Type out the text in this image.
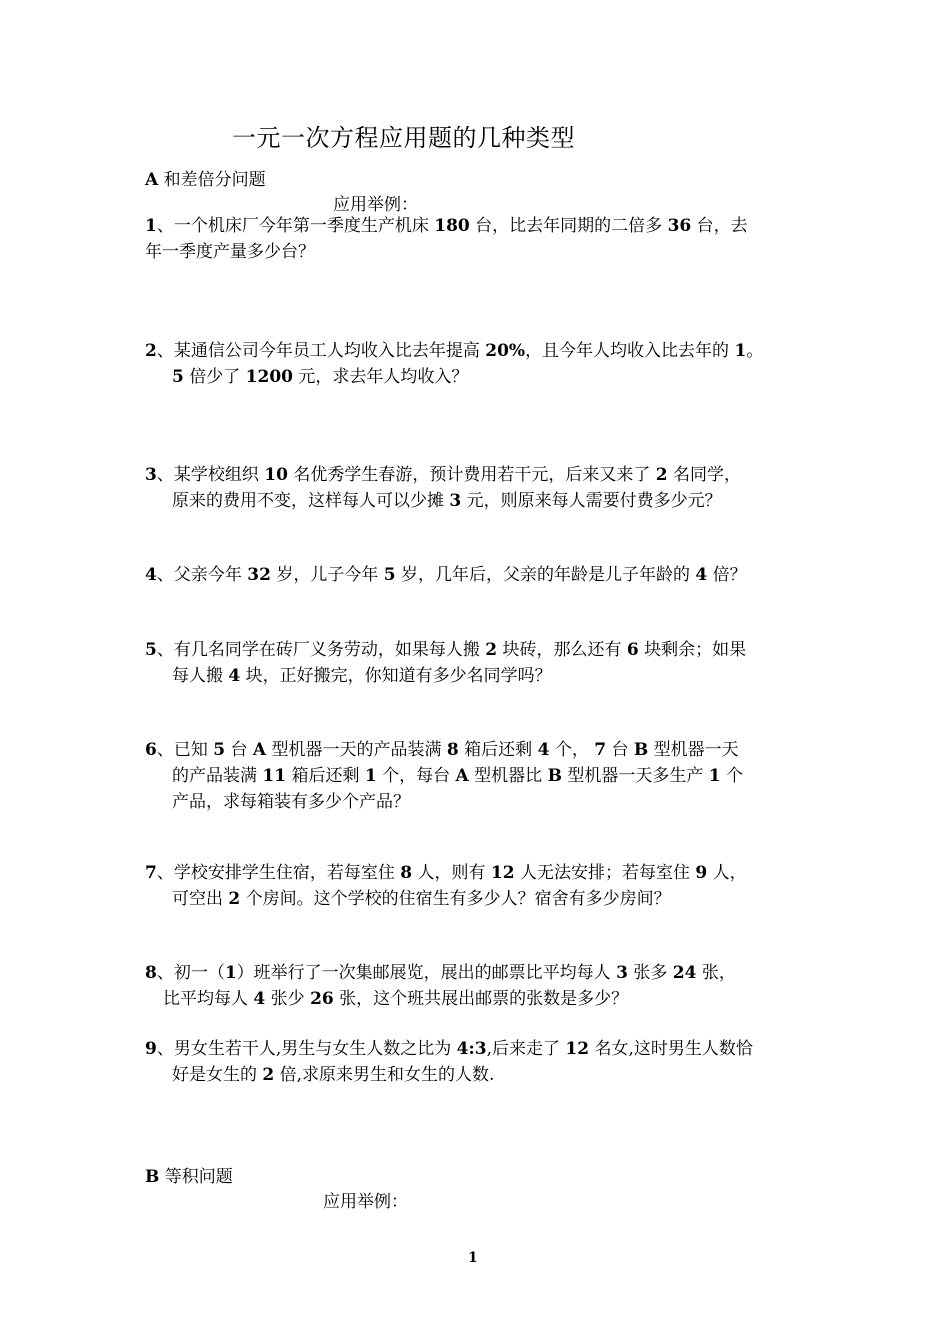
一元一次方程应用题的几种类型
A 和差倍分问题
应用举例：
1、一个机床厂今年第一季度生产机床 180 台，比去年同期的二倍多 36 台，去
年一季度产量多少台？
2、某通信公司今年员工人均收入比去年提高 20%，且今年人均收入比去年的 1。
5 倍少了 1200 元，求去年人均收入？
3、某学校组织 10 名优秀学生春游，预计费用若干元，后来又来了 2 名同学，
原来的费用不变，这样每人可以少摊 3 元，则原来每人需要付费多少元？
4、父亲今年 32 岁，儿子今年 5 岁，几年后，父亲的年龄是儿子年龄的 4 倍？
5、有几名同学在砖厂义务劳动，如果每人搬 2 块砖，那么还有 6 块剩余；如果
每人搬 4 块，正好搬完，你知道有多少名同学吗？
6、已知 5 台 A 型机器一天的产品装满 8 箱后还剩 4 个， 7 台 B 型机器一天
的产品装满 11 箱后还剩 1 个，每台 A 型机器比 B 型机器一天多生产 1 个
产品，求每箱装有多少个产品？
7、学校安排学生住宿，若每室住 8 人，则有 12 人无法安排；若每室住 9 人，
可空出 2 个房间。这个学校的住宿生有多少人？宿舍有多少房间？
8、初一（1）班举行了一次集邮展览，展出的邮票比平均每人 3 张多 24 张，
比平均每人 4 张少 26 张，这个班共展出邮票的张数是多少？
9、男女生若干人,男生与女生人数之比为 4:3,后来走了 12 名女,这时男生人数恰
好是女生的 2 倍,求原来男生和女生的人数.
B 等积问题
应用举例：
1
